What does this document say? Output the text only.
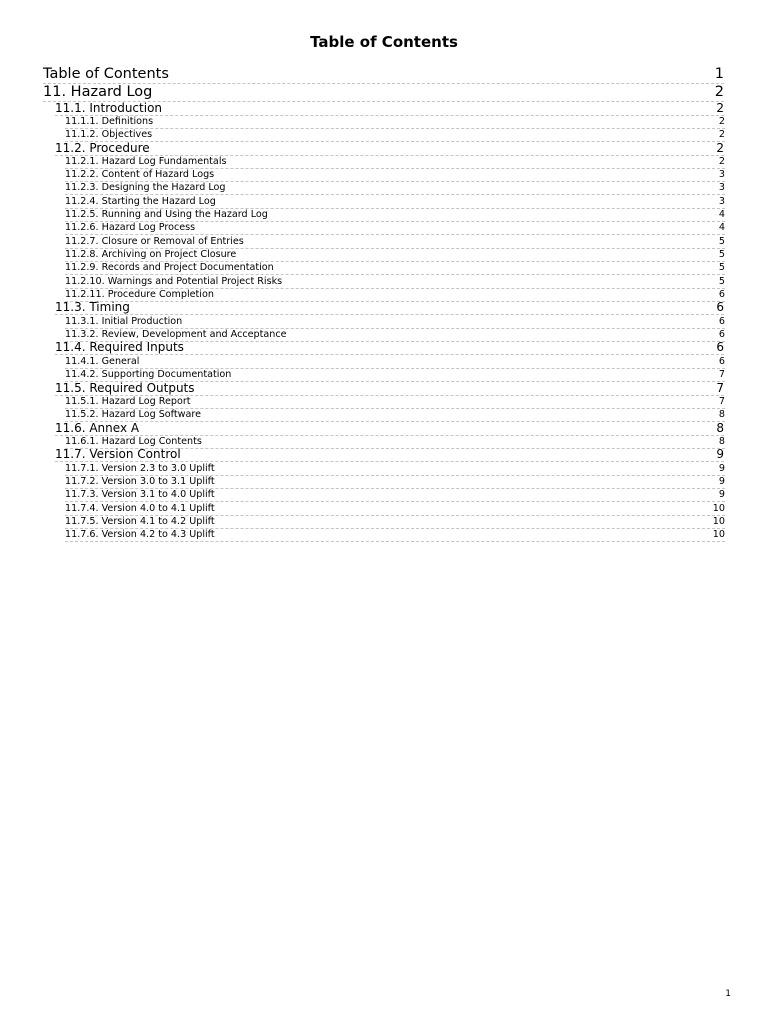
Table of Contents
Table of Contents	1
11. Hazard Log	2
11.1. Introduction	2
11.1.1. Definitions	2
11.1.2. Objectives	2
11.2. Procedure	2
11.2.1. Hazard Log Fundamentals	2
11.2.2. Content of Hazard Logs	3
11.2.3. Designing the Hazard Log	3
11.2.4. Starting the Hazard Log	3
11.2.5. Running and Using the Hazard Log	4
11.2.6. Hazard Log Process	4
11.2.7. Closure or Removal of Entries	5
11.2.8. Archiving on Project Closure	5
11.2.9. Records and Project Documentation	5
11.2.10. Warnings and Potential Project Risks	5
11.2.11. Procedure Completion	6
11.3. Timing	6
11.3.1. Initial Production	6
11.3.2. Review, Development and Acceptance	6
11.4. Required Inputs	6
11.4.1. General	6
11.4.2. Supporting Documentation	7
11.5. Required Outputs	7
11.5.1. Hazard Log Report	7
11.5.2. Hazard Log Software	8
11.6. Annex A	8
11.6.1. Hazard Log Contents	8
11.7. Version Control	9
11.7.1. Version 2.3 to 3.0 Uplift	9
11.7.2. Version 3.0 to 3.1 Uplift	9
11.7.3. Version 3.1 to 4.0 Uplift	9
11.7.4. Version 4.0 to 4.1 Uplift	10
11.7.5. Version 4.1 to 4.2 Uplift	10
11.7.6. Version 4.2 to 4.3 Uplift	10
1
